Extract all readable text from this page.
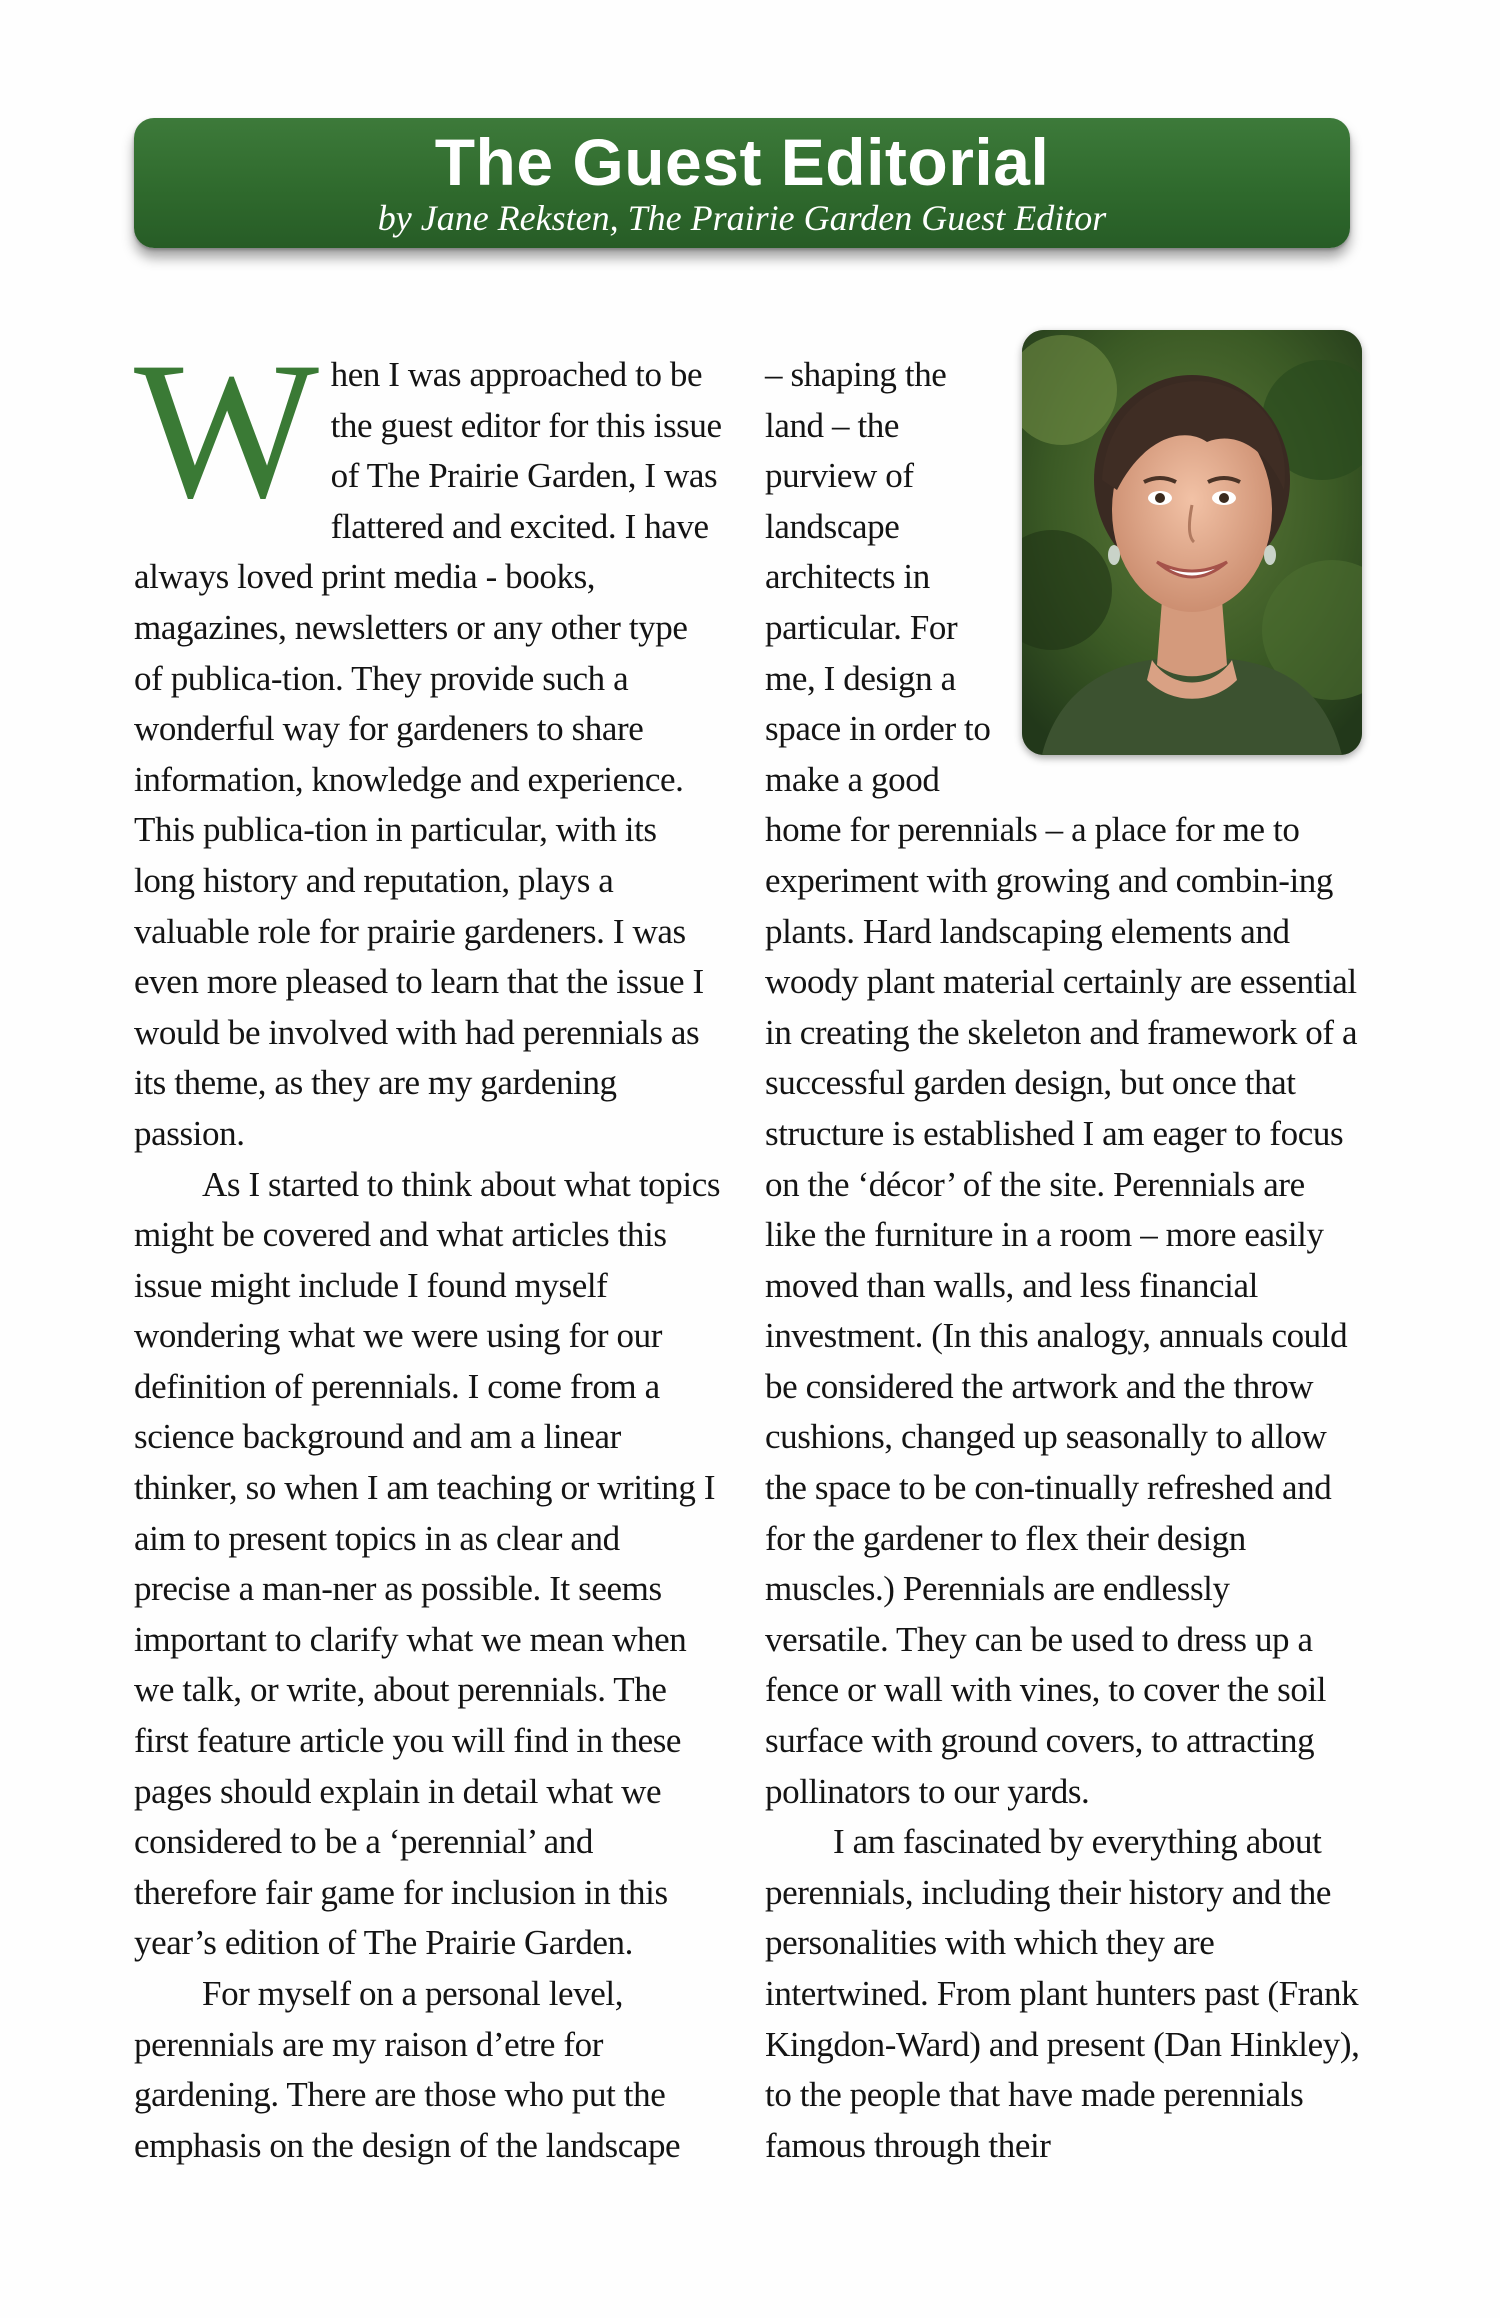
The Guest Editorial
by Jane Reksten, The Prairie Garden Guest Editor

When I was approached to be the guest editor for this issue of The Prairie Garden, I was flattered and excited. I have always loved print media - books, magazines, newsletters or any other type of publica-tion. They provide such a wonderful way for gardeners to share information, knowledge and experience. This publica-tion in particular, with its long history and reputation, plays a valuable role for prairie gardeners. I was even more pleased to learn that the issue I would be involved with had perennials as its theme, as they are my gardening passion.

As I started to think about what topics might be covered and what articles this issue might include I found myself wondering what we were using for our definition of perennials. I come from a science background and am a linear thinker, so when I am teaching or writing I aim to present topics in as clear and precise a man-ner as possible. It seems important to clarify what we mean when we talk, or write, about perennials. The first feature article you will find in these pages should explain in detail what we considered to be a ‘perennial’ and therefore fair game for inclusion in this year’s edition of The Prairie Garden.

For myself on a personal level, perennials are my raison d’etre for gardening. There are those who put the emphasis on the design of the landscape

– shaping the land – the purview of landscape architects in particular. For me, I design a space in order to make a good home for perennials – a place for me to experiment with growing and combin-ing plants. Hard landscaping elements and woody plant material certainly are essential in creating the skeleton and framework of a successful garden design, but once that structure is established I am eager to focus on the ‘décor’ of the site. Perennials are like the furniture in a room – more easily moved than walls, and less financial investment. (In this analogy, annuals could be considered the artwork and the throw cushions, changed up seasonally to allow the space to be con-tinually refreshed and for the gardener to flex their design muscles.) Perennials are endlessly versatile. They can be used to dress up a fence or wall with vines, to cover the soil surface with ground covers, to attracting pollinators to our yards.

I am fascinated by everything about perennials, including their history and the personalities with which they are intertwined. From plant hunters past (Frank Kingdon-Ward) and present (Dan Hinkley), to the people that have made perennials famous through their
